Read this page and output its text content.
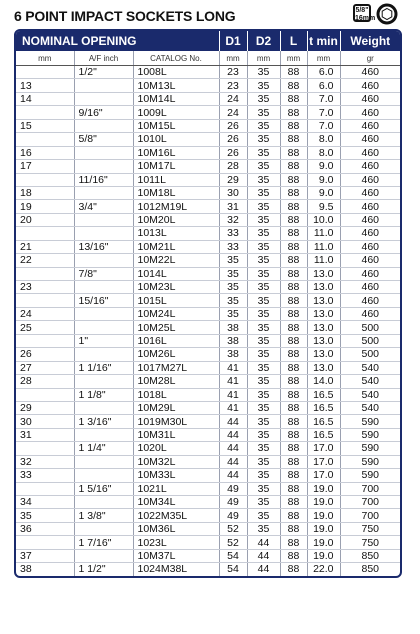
6 POINT IMPACT SOCKETS LONG	5/8" 16mm
NOMINAL OPENING			D1	D2	L	t min	Weight
mm	A/F inch	CATALOG No.	mm	mm	mm	mm	gr
	1/2"	1008L	23	35	88	6.0	460
13		10M13L	23	35	88	6.0	460
14		10M14L	24	35	88	7.0	460
	9/16"	1009L	24	35	88	7.0	460
15		10M15L	26	35	88	7.0	460
	5/8"	1010L	26	35	88	8.0	460
16		10M16L	26	35	88	8.0	460
17		10M17L	28	35	88	9.0	460
	11/16"	1011L	29	35	88	9.0	460
18		10M18L	30	35	88	9.0	460
19	3/4"	1012M19L	31	35	88	9.5	460
20		10M20L	32	35	88	10.0	460
		1013L	33	35	88	11.0	460
21	13/16"	10M21L	33	35	88	11.0	460
22		10M22L	35	35	88	11.0	460
	7/8"	1014L	35	35	88	13.0	460
23		10M23L	35	35	88	13.0	460
	15/16"	1015L	35	35	88	13.0	460
24		10M24L	35	35	88	13.0	460
25		10M25L	38	35	88	13.0	500
	1"	1016L	38	35	88	13.0	500
26		10M26L	38	35	88	13.0	500
27	1 1/16"	1017M27L	41	35	88	13.0	540
28		10M28L	41	35	88	14.0	540
	1 1/8"	1018L	41	35	88	16.5	540
29		10M29L	41	35	88	16.5	540
30	1 3/16"	1019M30L	44	35	88	16.5	590
31		10M31L	44	35	88	16.5	590
	1 1/4"	1020L	44	35	88	17.0	590
32		10M32L	44	35	88	17.0	590
33		10M33L	44	35	88	17.0	590
	1 5/16"	1021L	49	35	88	19.0	700
34		10M34L	49	35	88	19.0	700
35	1 3/8"	1022M35L	49	35	88	19.0	700
36		10M36L	52	35	88	19.0	750
	1 7/16"	1023L	52	44	88	19.0	750
37		10M37L	54	44	88	19.0	850
38	1 1/2"	1024M38L	54	44	88	22.0	850
